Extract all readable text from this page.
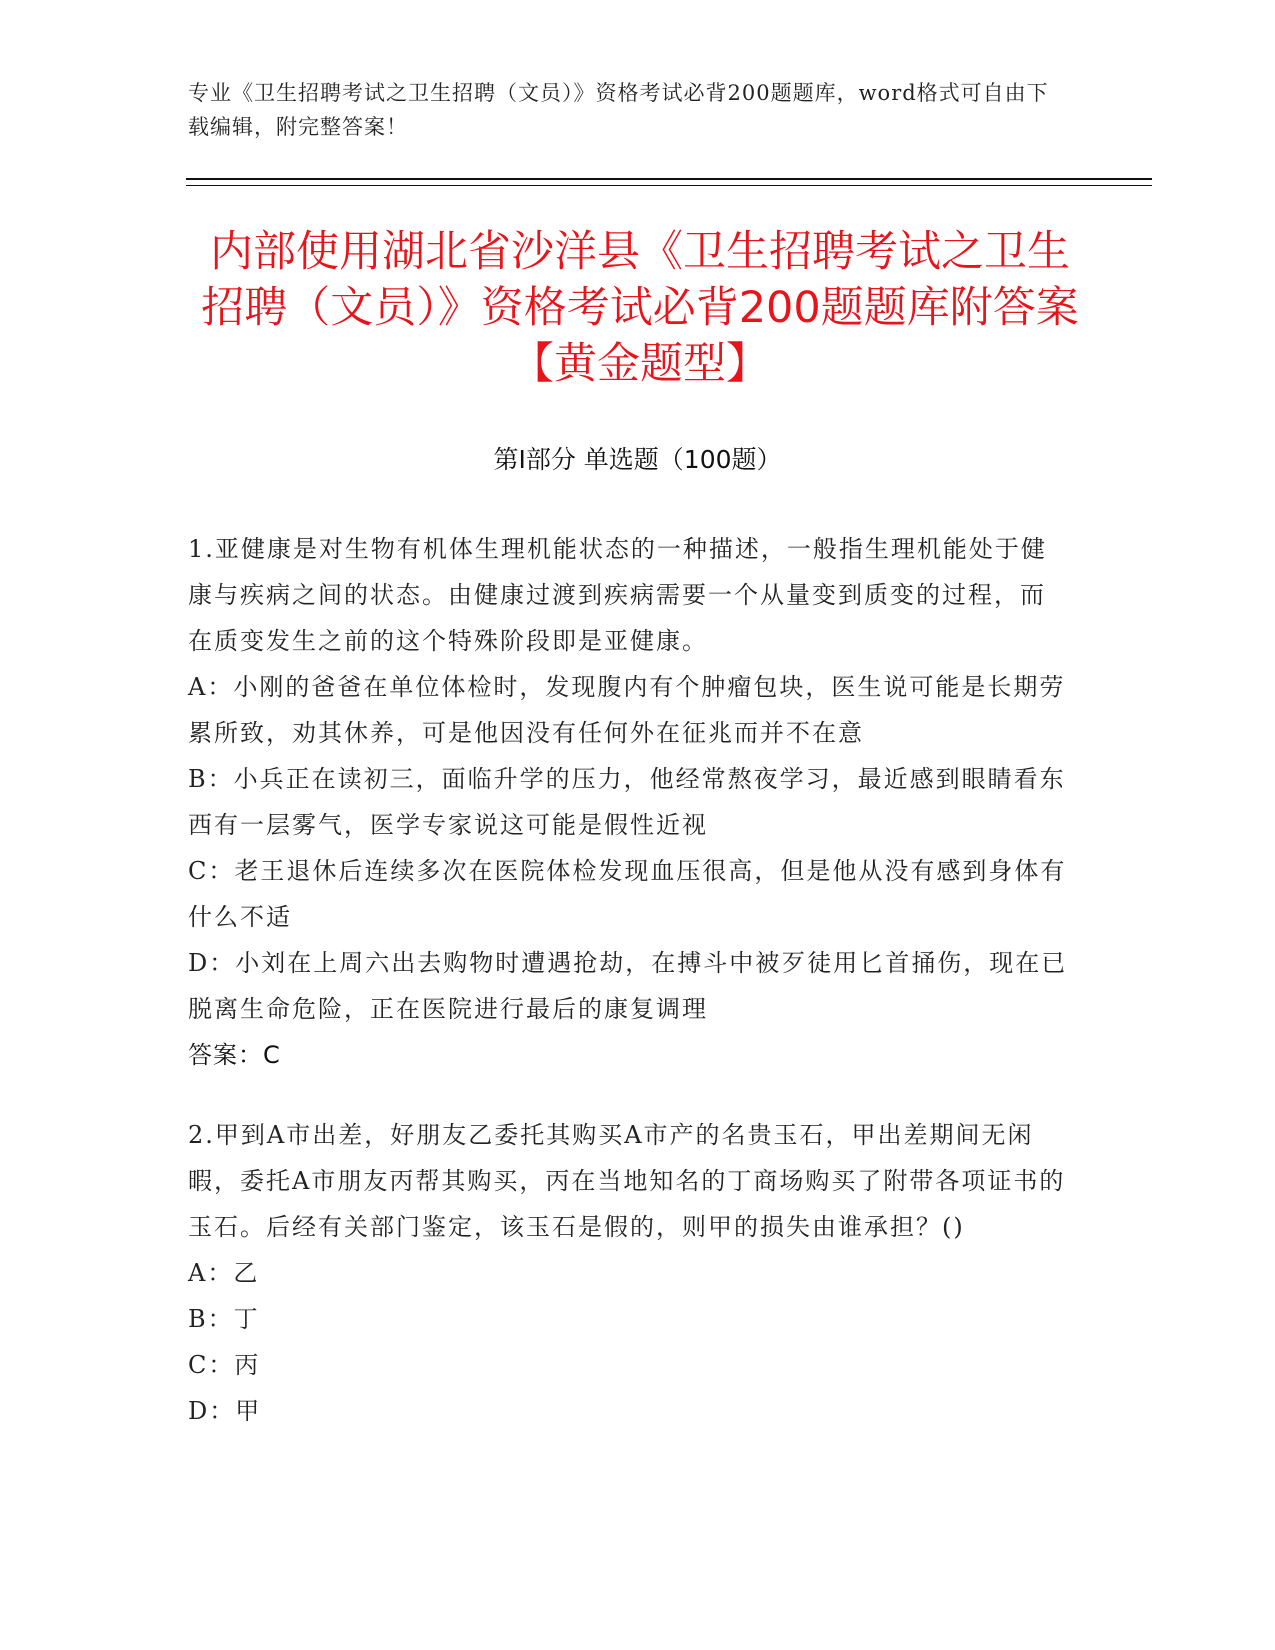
专业《卫生招聘考试之卫生招聘（文员）》资格考试必背200题题库，word格式可自由下载编辑，附完整答案！
内部使用湖北省沙洋县《卫生招聘考试之卫生招聘（文员）》资格考试必背200题题库附答案【黄金题型】
第Ⅰ部分 单选题（100题）

1.亚健康是对生物有机体生理机能状态的一种描述，一般指生理机能处于健康与疾病之间的状态。由健康过渡到疾病需要一个从量变到质变的过程，而在质变发生之前的这个特殊阶段即是亚健康。

A：小刚的爸爸在单位体检时，发现腹内有个肿瘤包块，医生说可能是长期劳累所致，劝其休养，可是他因没有任何外在征兆而并不在意

B：小兵正在读初三，面临升学的压力，他经常熬夜学习，最近感到眼睛看东西有一层雾气，医学专家说这可能是假性近视

C：老王退休后连续多次在医院体检发现血压很高，但是他从没有感到身体有什么不适

D：小刘在上周六出去购物时遭遇抢劫，在搏斗中被歹徒用匕首捅伤，现在已脱离生命危险，正在医院进行最后的康复调理

答案：C

2.甲到A市出差，好朋友乙委托其购买A市产的名贵玉石，甲出差期间无闲暇，委托A市朋友丙帮其购买，丙在当地知名的丁商场购买了附带各项证书的玉石。后经有关部门鉴定，该玉石是假的，则甲的损失由谁承担？()

A：乙

B：丁

C：丙

D：甲
